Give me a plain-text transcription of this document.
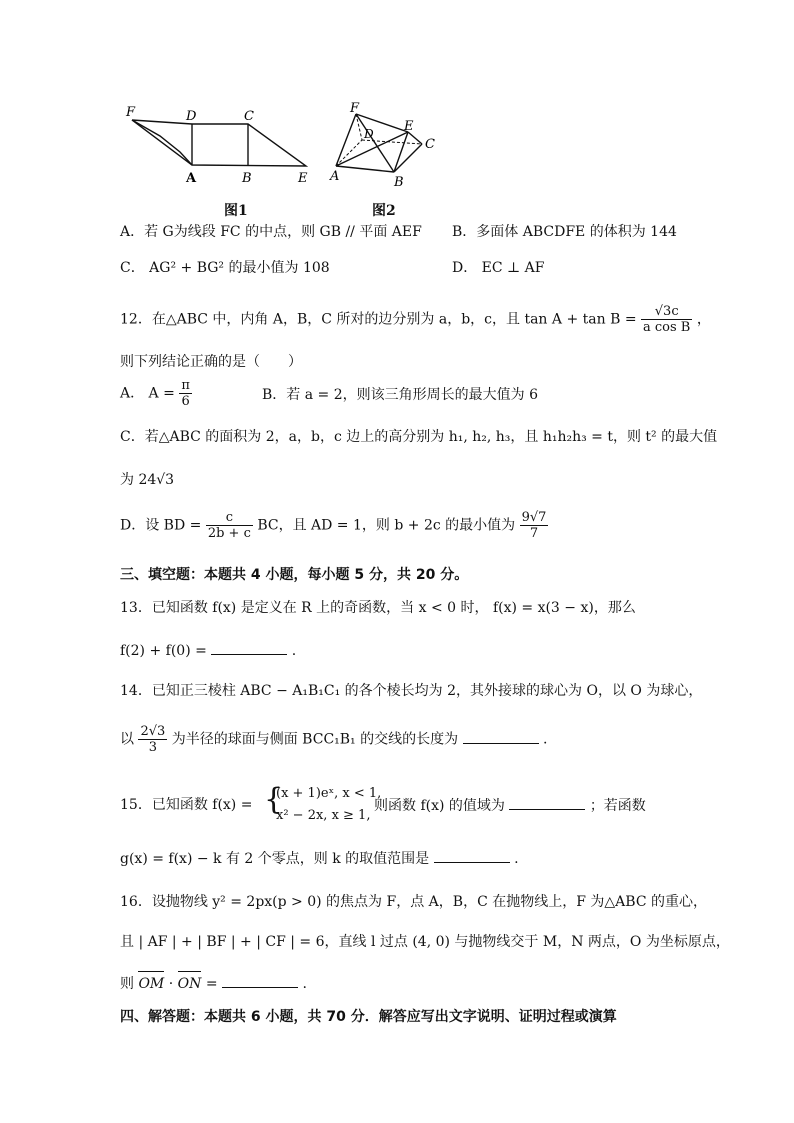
F	D	C
A	B	E
图1
F
D E
C
A	B
图2
A．若 G为线段 FC 的中点，则 GB // 平面 AEF B．多面体 ABCDFE 的体积为 144
C． AG² + BG² 的最小值为 108	D． EC ⊥ AF
12．在△ABC 中，内角 A，B，C 所对的边分别为 a，b，c，且 $\tan A + \tan B = \frac{√3c}{\text{a cos B}}$ ，
则下列结论正确的是（　　）
A． $A = \frac{\pi}{6}$	B．若 a = 2，则该三角形周长的最大值为 6
C．若△ABC 的面积为 2，a，b，c 边上的高分别为 h₁, h₂, h₃，且 h₁h₂h₃ = t，则 t² 的最大值
为 24√3
D．设 BD = $\frac{c}{2b + c}$ BC，且 AD = 1，则 b + 2c 的最小值为 $\frac{9√7}{7}$
三、填空题：本题共 4 小题，每小题 5 分，共 20 分。
13．已知函数 f(x) 是定义在 R 上的奇函数，当 x < 0 时， f(x) = x(3 − x)，那么
f(2) + f(0) =	.
14．已知正三棱柱 ABC − A₁B₁C₁ 的各个棱长均为 2，其外接球的球心为 O，以 O 为球心，
以 $\frac{2√3}{3}$ 为半径的球面与侧面 BCC₁B₁ 的交线的长度为	.
15．已知函数 f(x) = {
(x + 1)eˣ, x < 1,
x² − 2x, x ≥ 1,
则函数 f(x) 的值域为	；若函数
g(x) = f(x) − k 有 2 个零点，则 k 的取值范围是	.
16．设抛物线 y² = 2px(p > 0) 的焦点为 F，点 A，B，C 在抛物线上，F 为△ABC 的重心，
且 | AF | + | BF | + | CF | = 6，直线 l 过点 (4, 0) 与抛物线交于 M，N 两点，O 为坐标原点，
则 OM · ON =	.
四、解答题：本题共 6 小题，共 70 分．解答应写出文字说明、证明过程或演算
